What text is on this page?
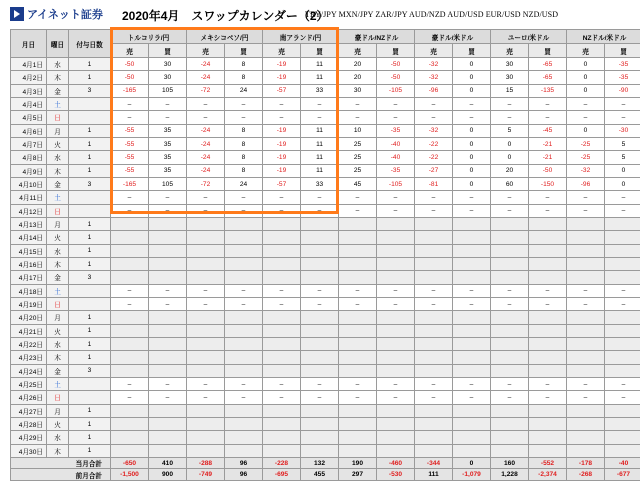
アイネット証券 2020年4月　スワップカレンダー（2）
TRY/JPY MXN/JPY ZAR/JPY AUD/NZD AUD/USD EUR/USD NZD/USD
月日	曜日	付与日数	トルコリラ/円		メキシコペソ/円		南アランド/円		豪ドル/NZドル		豪ドル/米ドル		ユーロ/米ドル		NZドル/米ドル	
			売	買	売	買	売	買	売	買	売	買	売	買	売	買
4月1日	水	1	-50	30	-24	8	-19	11	20	-50	-32	0	30	-65	0	-35
4月2日	木	1	-50	30	-24	8	-19	11	20	-50	-32	0	30	-65	0	-35
4月3日	金	3	-165	105	-72	24	-57	33	30	-105	-96	0	15	-135	0	-90
4月4日	土		–	–	–	–	–	–	–	–	–	–	–	–	–	–
4月5日	日		–	–	–	–	–	–	–	–	–	–	–	–	–	–
4月6日	月	1	-55	35	-24	8	-19	11	10	-35	-32	0	5	-45	0	-30
4月7日	火	1	-55	35	-24	8	-19	11	25	-40	-22	0	0	-21	-25	5
4月8日	水	1	-55	35	-24	8	-19	11	25	-40	-22	0	0	-21	-25	5
4月9日	木	1	-55	35	-24	8	-19	11	25	-35	-27	0	20	-50	-32	0
4月10日	金	3	-165	105	-72	24	-57	33	45	-105	-81	0	60	-150	-96	0
4月11日	土		–	–	–	–	–	–	–	–	–	–	–	–	–	–
4月12日	日		–	–	–	–	–	–	–	–	–	–	–	–	–	–
4月13日	月	1														
4月14日	火	1														
4月15日	水	1														
4月16日	木	1														
4月17日	金	3														
4月18日	土		–	–	–	–	–	–	–	–	–	–	–	–	–	–
4月19日	日		–	–	–	–	–	–	–	–	–	–	–	–	–	–
4月20日	月	1														
4月21日	火	1														
4月22日	水	1														
4月23日	木	1														
4月24日	金	3														
4月25日	土		–	–	–	–	–	–	–	–	–	–	–	–	–	–
4月26日	日		–	–	–	–	–	–	–	–	–	–	–	–	–	–
4月27日	月	1														
4月28日	火	1														
4月29日	水	1														
4月30日	木	1														
当月合計			-650	410	-288	96	-228	132	190	-460	-344	0	160	-552	-178	-40
前月合計			-1,500	900	-749	96	-695	455	297	-530	111	-1,079	1,228	-2,374	-268	-677
